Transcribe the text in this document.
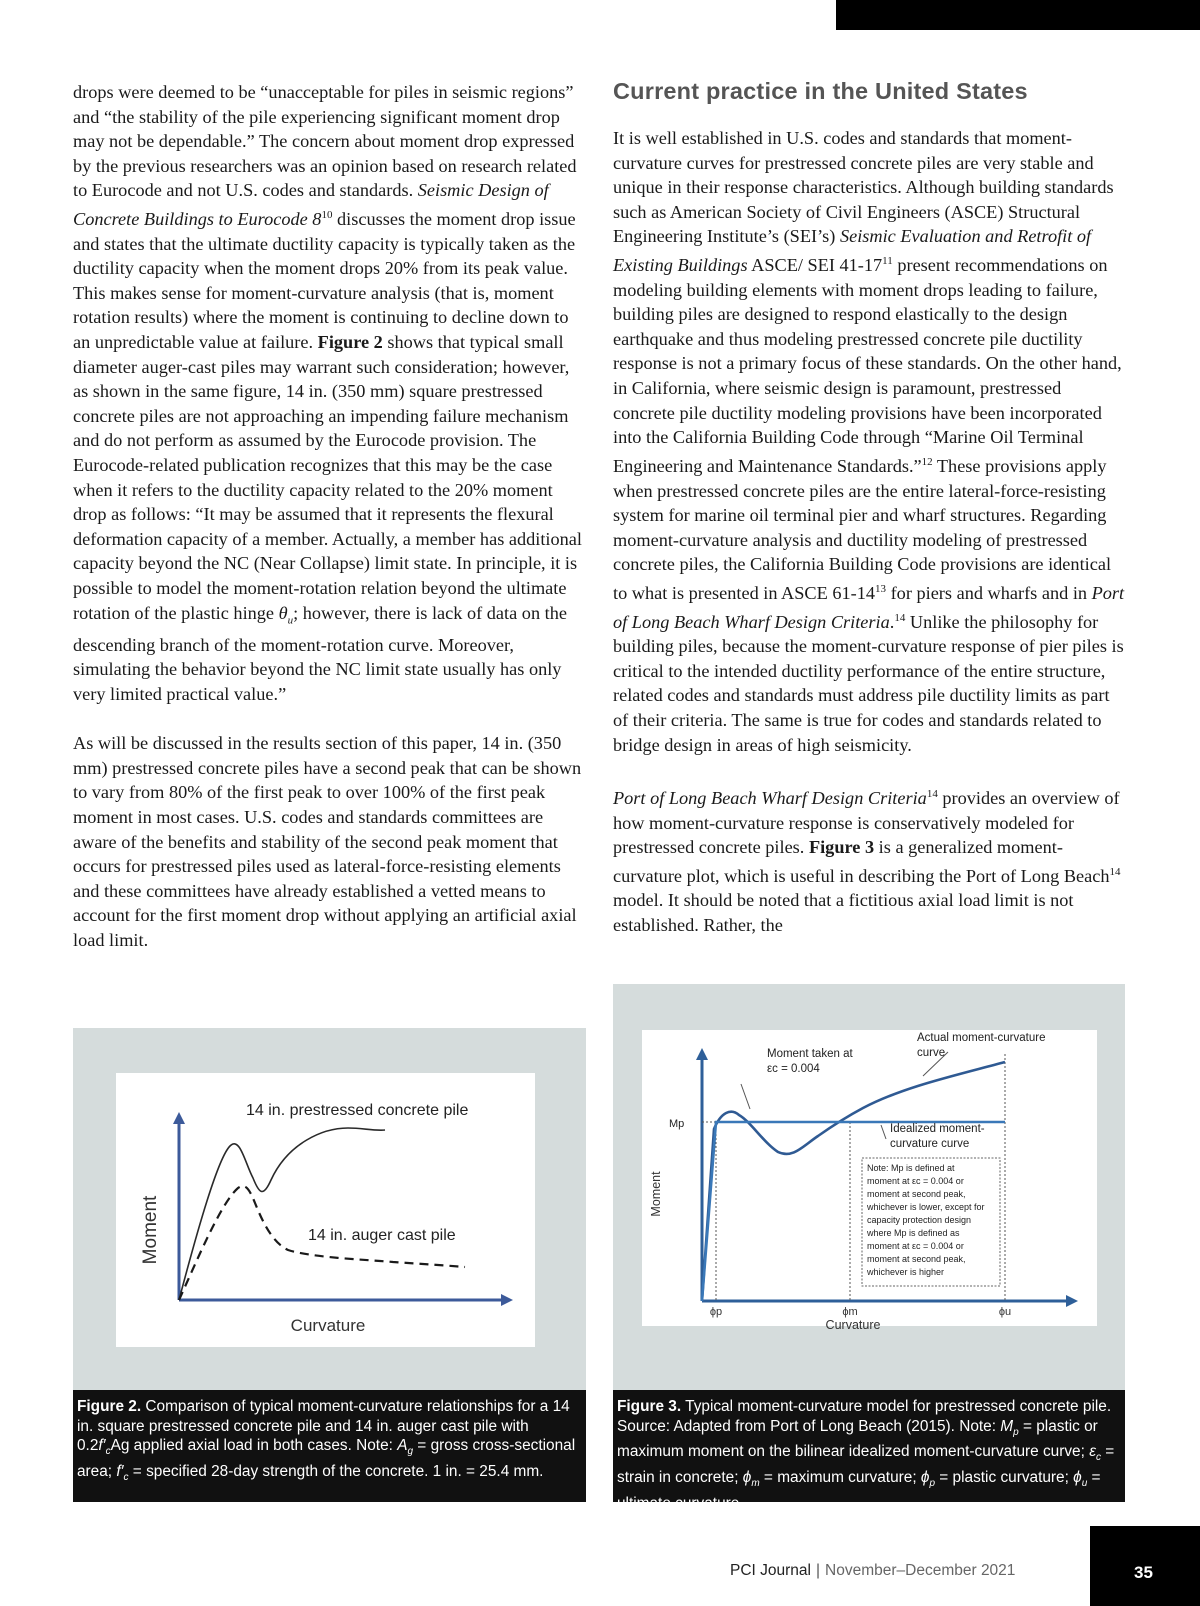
drops were deemed to be “unacceptable for piles in seismic regions” and “the stability of the pile experiencing significant moment drop may not be dependable.” The concern about moment drop expressed by the previous researchers was an opinion based on research related to Eurocode and not U.S. codes and standards. Seismic Design of Concrete Buildings to Eurocode $8^{10}$ discusses the moment drop issue and states that the ultimate ductility capacity is typically taken as the ductility capacity when the moment drops 20% from its peak value. This makes sense for moment-curvature analysis (that is, moment rotation results) where the moment is continuing to decline down to an unpredictable value at failure. Figure 2 shows that typical small diameter auger-cast piles may warrant such consideration; however, as shown in the same figure, 14 in. (350 mm) square prestressed concrete piles are not approaching an impending failure mechanism and do not perform as assumed by the Eurocode provision. The Eurocode-related publication recognizes that this may be the case when it refers to the ductility capacity related to the 20% moment drop as follows: “It may be assumed that it represents the flexural deformation capacity of a member. Actually, a member has additional capacity beyond the NC (Near Collapse) limit state. In principle, it is possible to model the moment-rotation relation beyond the ultimate rotation of the plastic hinge $\theta_u$; however, there is lack of data on the descending branch of the moment-rotation curve. Moreover, simulating the behavior beyond the NC limit state usually has only very limited practical value.”

As will be discussed in the results section of this paper, 14 in. (350 mm) prestressed concrete piles have a second peak that can be shown to vary from 80% of the first peak to over 100% of the first peak moment in most cases. U.S. codes and standards committees are aware of the benefits and stability of the second peak moment that occurs for prestressed piles used as lateral-force-resisting elements and these committees have already established a vetted means to account for the first moment drop without applying an artificial axial load limit.

Current practice in the United States

It is well established in U.S. codes and standards that moment-curvature curves for prestressed concrete piles are very stable and unique in their response characteristics. Although building standards such as American Society of Civil Engineers (ASCE) Structural Engineering Institute’s (SEI’s) Seismic Evaluation and Retrofit of Existing Buildings ASCE/ SEI $41-17^{11}$ present recommendations on modeling building elements with moment drops leading to failure, building piles are designed to respond elastically to the design earthquake and thus modeling prestressed concrete pile ductility response is not a primary focus of these standards. On the other hand, in California, where seismic design is paramount, prestressed concrete pile ductility modeling provisions have been incorporated into the California Building Code through “Marine Oil Terminal Engineering and Maintenance Standards.”$^{12}$ These provisions apply when prestressed concrete piles are the entire lateral-force-resisting system for marine oil terminal pier and wharf structures. Regarding moment-curvature analysis and ductility modeling of prestressed concrete piles, the California Building Code provisions are identical to what is presented in ASCE $61-14^{13}$ for piers and wharfs and in Port of Long Beach Wharf Design Criteria.$^{14}$ Unlike the philosophy for building piles, because the moment-curvature response of pier piles is critical to the intended ductility performance of the entire structure, related codes and standards must address pile ductility limits as part of their criteria. The same is true for codes and standards related to bridge design in areas of high seismicity.

Port of Long Beach Wharf Design Criteria$^{14}$ provides an overview of how moment-curvature response is conservatively modeled for prestressed concrete piles. Figure 3 is a generalized moment-curvature plot, which is useful in describing the Port of Long Beach$^{14}$ model. It should be noted that a fictitious axial load limit is not established. Rather, the

14 in. prestressed concrete pile
14 in. auger cast pile
Moment
Curvature
Figure 2. Comparison of typical moment-curvature relationships for a 14 in. square prestressed concrete pile and 14 in. auger cast pile with $0.2f'_cAg$ applied axial load in both cases. Note: $A_g$ = gross cross-sectional area; $f'_c$ = specified 28-day strength of the concrete. 1 in. = 25.4 mm.
Moment taken at
εc = 0.004
Actual moment-curvature
curve
Idealized moment-
curvature curve
Mp
Moment
Curvature
ϕp	ϕm	ϕu
Note: Mp is defined at
moment at εc = 0.004 or
moment at second peak,
whichever is lower, except for
capacity protection design
where Mp is defined as
moment at εc = 0.004 or
moment at second peak,
whichever is higher
Figure 3. Typical moment-curvature model for prestressed concrete pile. Source: Adapted from Port of Long Beach (2015). Note: $M_p$ = plastic or maximum moment on the bilinear idealized moment-curvature curve; $\varepsilon_c$ = strain in concrete; $\phi_m$ = maximum curvature; $\phi_p$ = plastic curvature; $\phi_u$ = ultimate curvature.
PCI Journal | November–December 2021	35
